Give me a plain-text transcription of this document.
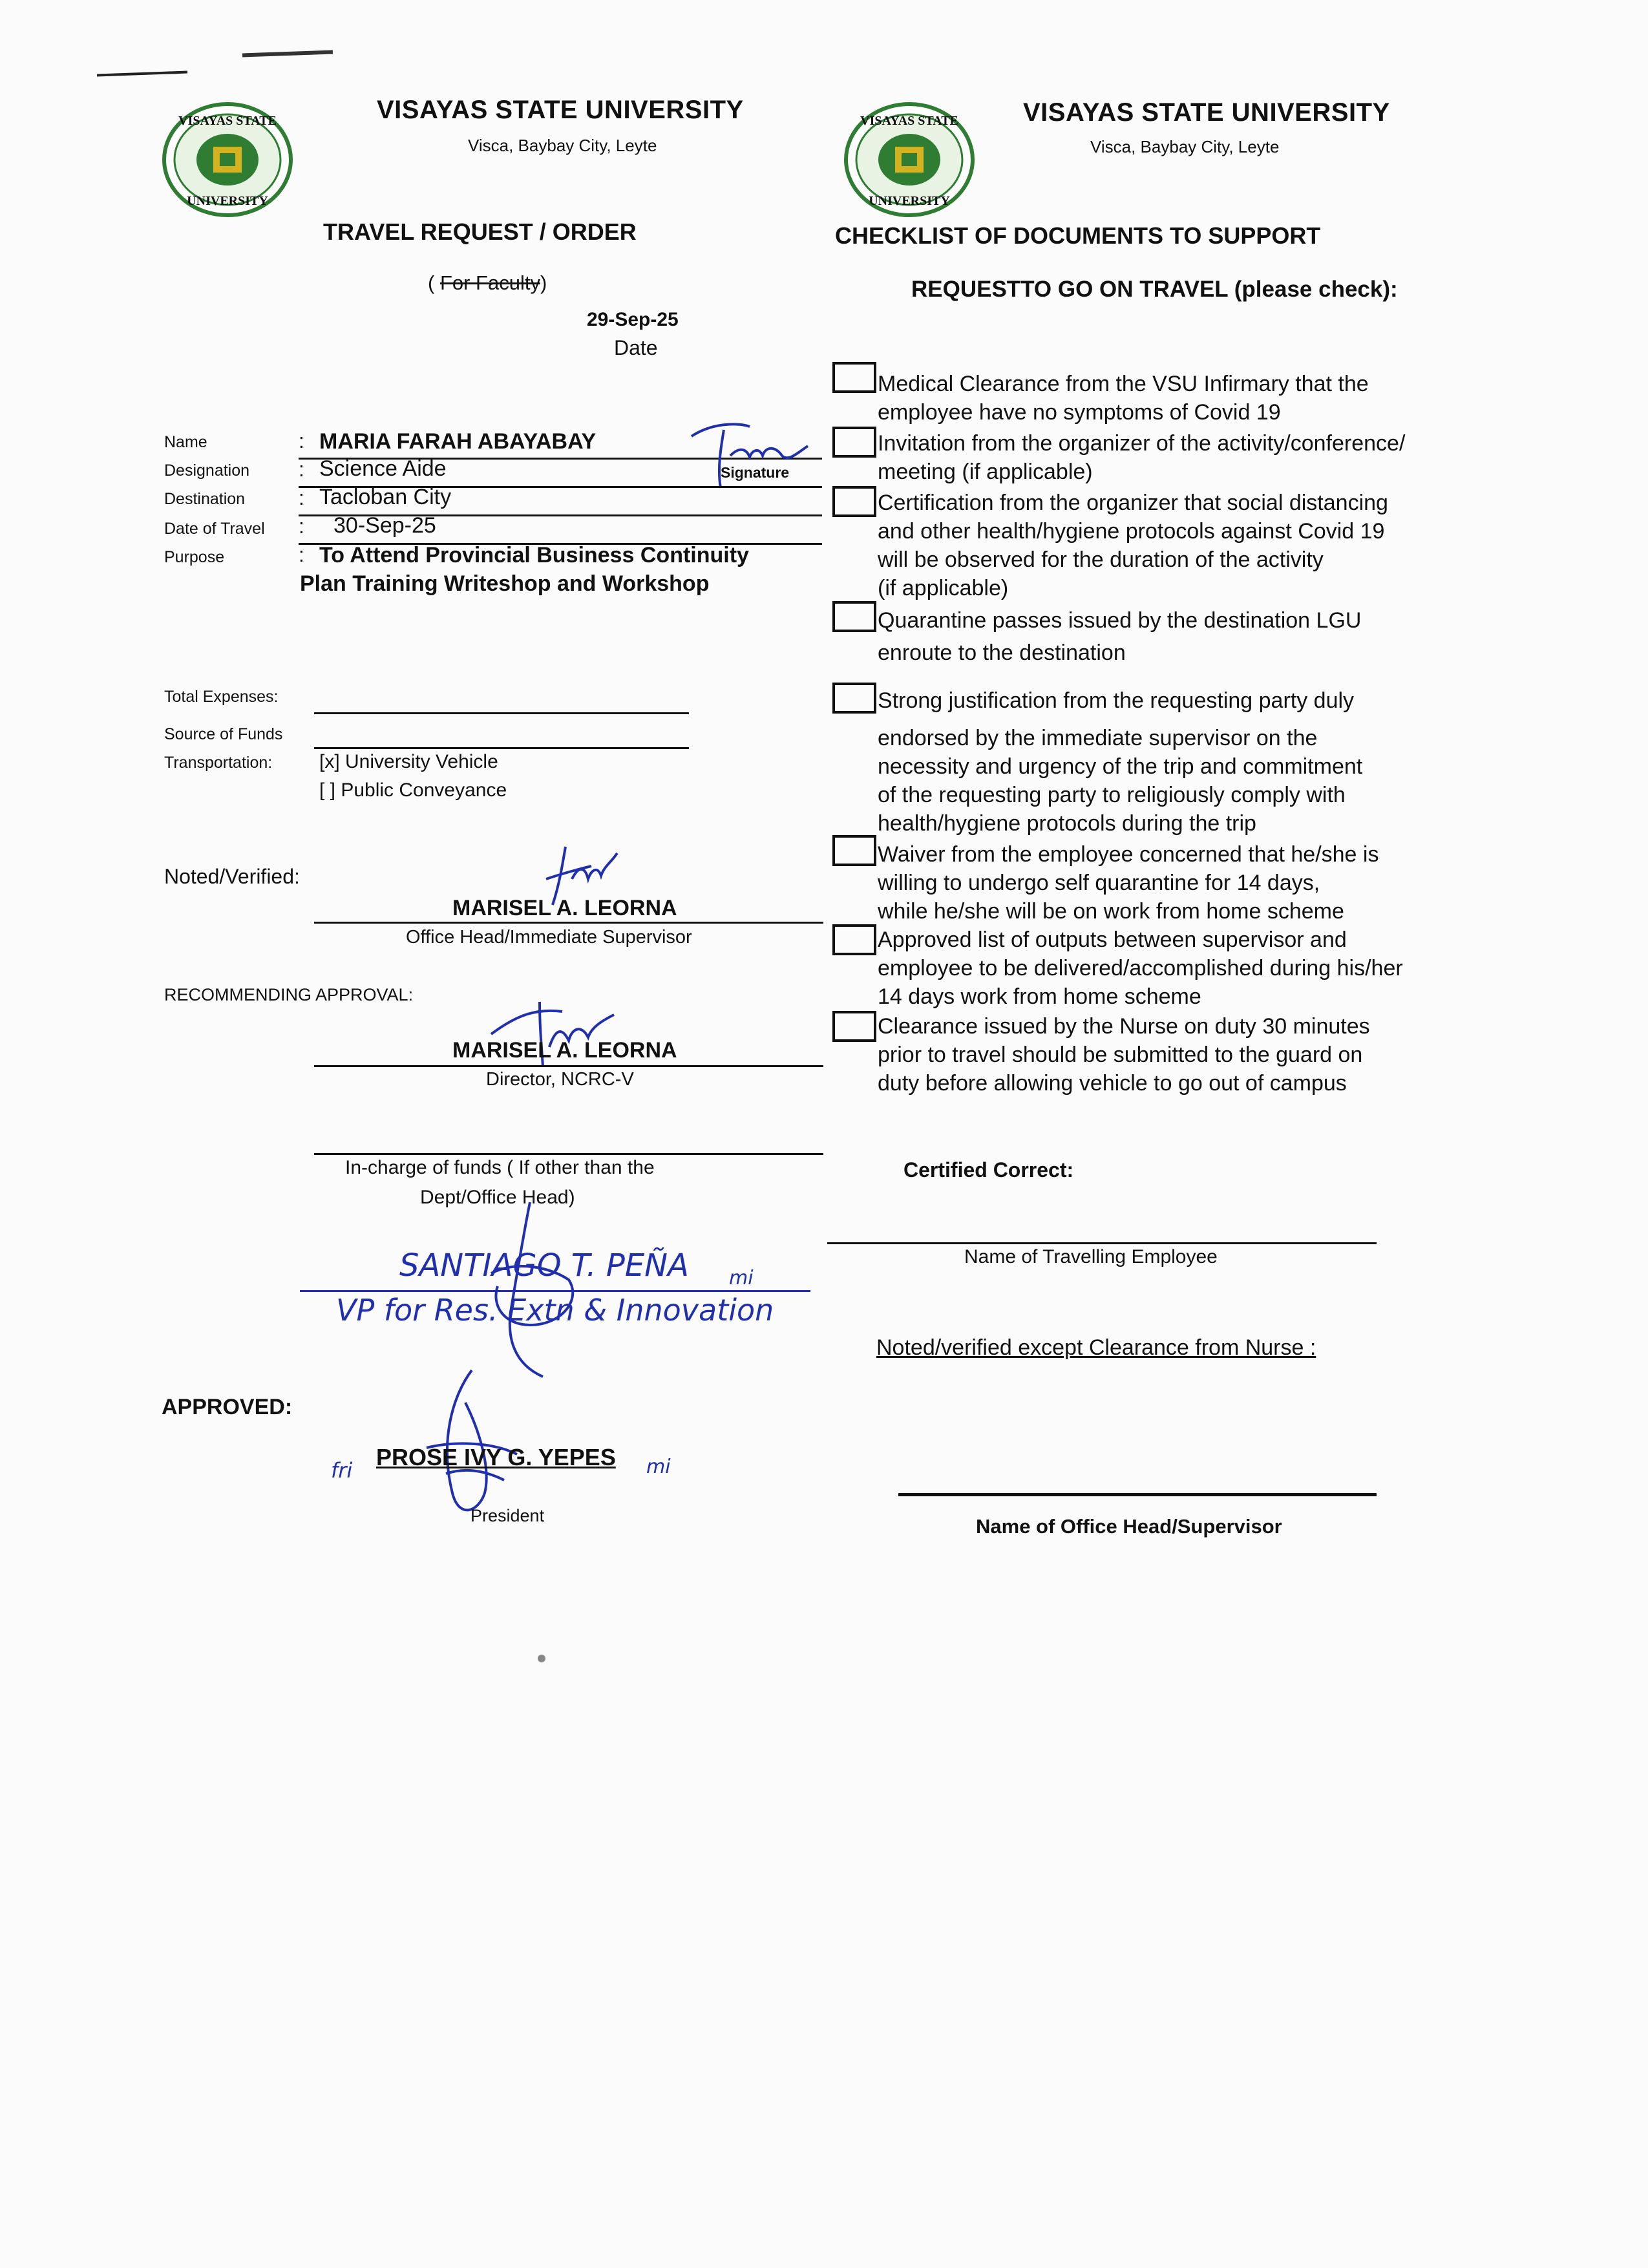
VISAYAS STATE
UNIVERSITY
VISAYAS STATE UNIVERSITY
Visca, Baybay City, Leyte
VISAYAS STATE
UNIVERSITY
VISAYAS STATE UNIVERSITY
Visca, Baybay City, Leyte
TRAVEL REQUEST / ORDER
( For Faculty)
29-Sep-25
Date
Name	: MARIA FARAH ABAYABAY
Signature
Designation : Science Aide
Destination	: Tacloban City
Date of Travel : 30-Sep-25
Purpose	: To Attend Provincial Business Continuity
Plan Training Writeshop and Workshop
Total Expenses:
Source of Funds
Transportation: [x] University Vehicle
[ ] Public Conveyance
Noted/Verified:
MARISEL A. LEORNA
Office Head/Immediate Supervisor
RECOMMENDING APPROVAL:
MARISEL A. LEORNA
Director, NCRC-V
In-charge of funds ( If other than the
Dept/Office Head)
SANTIAGO T. PEÑA mi
VP for Res. Extn & Innovation
APPROVED:
fri PROSE IVY G. YEPES mi
President
CHECKLIST OF DOCUMENTS TO SUPPORT
REQUESTTO GO ON TRAVEL (please check):
Medical Clearance from the VSU Infirmary that the
employee have no symptoms of Covid 19
Invitation from the organizer of the activity/conference/
meeting (if applicable)
Certification from the organizer that social distancing
and other health/hygiene protocols against Covid 19
will be observed for the duration of the activity
(if applicable)
Quarantine passes issued by the destination LGU
enroute to the destination
Strong justification from the requesting party duly
endorsed by the immediate supervisor on the
necessity and urgency of the trip and commitment
of the requesting party to religiously comply with
health/hygiene protocols during the trip
Waiver from the employee concerned that he/she is
willing to undergo self quarantine for 14 days,
while he/she will be on work from home scheme
Approved list of outputs between supervisor and
employee to be delivered/accomplished during his/her
14 days work from home scheme
Clearance issued by the Nurse on duty 30 minutes
prior to travel should be submitted to the guard on
duty before allowing vehicle to go out of campus
Certified Correct:
Name of Travelling Employee
Noted/verified except Clearance from Nurse :
Name of Office Head/Supervisor
